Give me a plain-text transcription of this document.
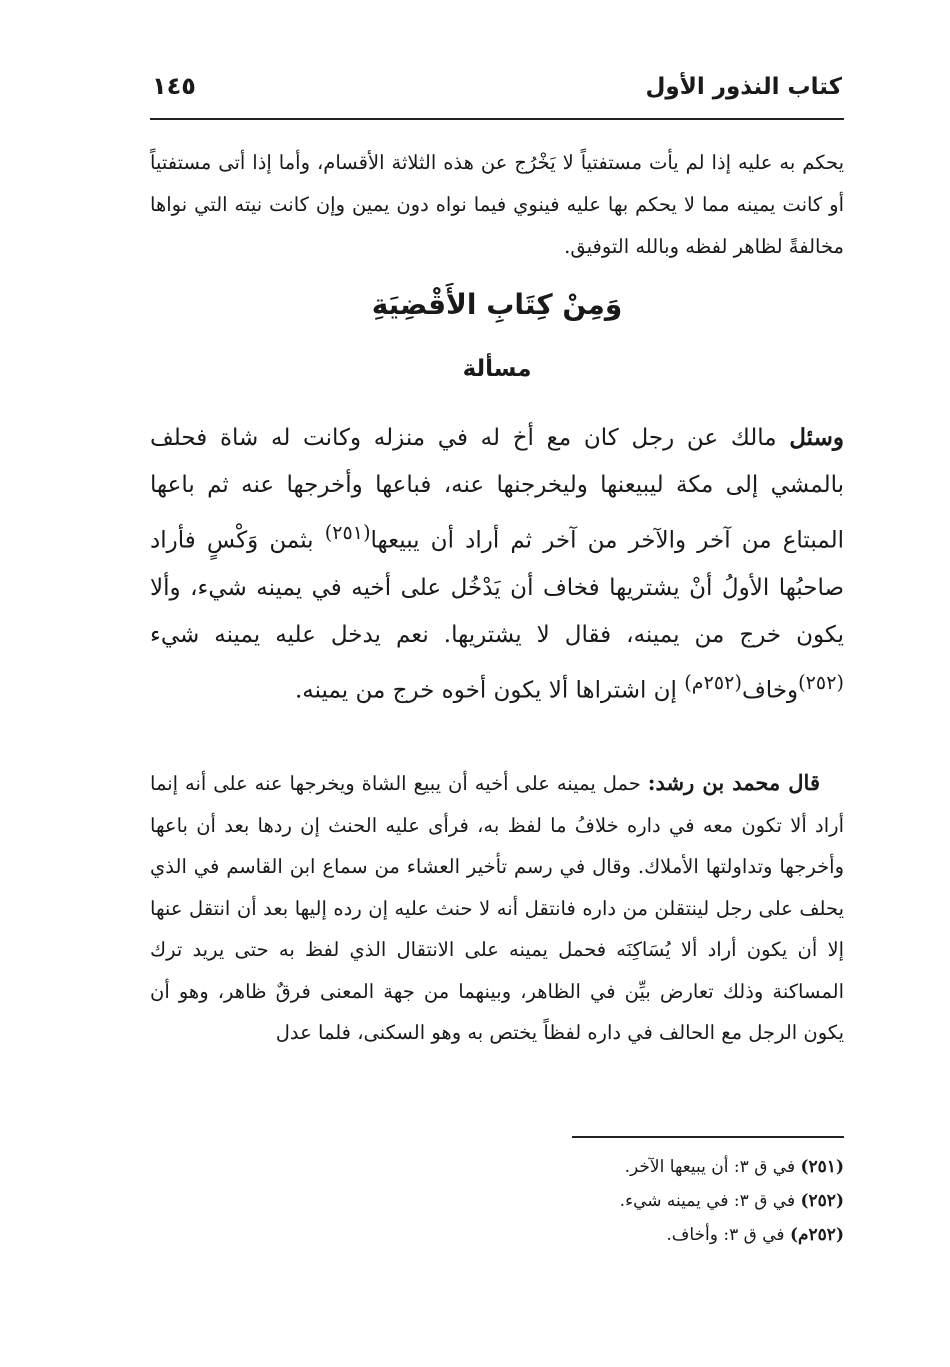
كتاب النذور الأول
١٤٥

يحكم به عليه إذا لم يأت مستفتياً لا يَخْرُج عن هذه الثلاثة الأقسام، وأما إذا أتى مستفتياً أو كانت يمينه مما لا يحكم بها عليه فينوي فيما نواه دون يمين وإن كانت نيته التي نواها مخالفةً لظاهر لفظه وبالله التوفيق.

وَمِنْ كِتَابِ الأَقْضِيَةِ
مسألة

وسئل مالك عن رجل كان مع أخ له في منزله وكانت له شاة فحلف بالمشي إلى مكة ليبيعنها وليخرجنها عنه، فباعها وأخرجها عنه ثم باعها المبتاع من آخر والآخر من آخر ثم أراد أن يبيعها$^{(٢٥١)}$ بثمن وَكْسٍ فأراد صاحبُها الأولُ أنْ يشتريها فخاف أن يَدْخُل على أخيه في يمينه شيء، وألا يكون خرج من يمينه، فقال لا يشتريها. نعم يدخل عليه يمينه شيء $^{(٢٥٢)}$وخاف$^{(٢٥٢م)}$ إن اشتراها ألا يكون أخوه خرج من يمينه.

قال محمد بن رشد: حمل يمينه على أخيه أن يبيع الشاة ويخرجها عنه على أنه إنما أراد ألا تكون معه في داره خلافُ ما لفظ به، فرأى عليه الحنث إن ردها بعد أن باعها وأخرجها وتداولتها الأملاك. وقال في رسم تأخير العشاء من سماع ابن القاسم في الذي يحلف على رجل لينتقلن من داره فانتقل أنه لا حنث عليه إن رده إليها بعد أن انتقل عنها إلا أن يكون أراد ألا يُسَاكِنَه فحمل يمينه على الانتقال الذي لفظ به حتى يريد ترك المساكنة وذلك تعارض بيِّن في الظاهر، وبينهما من جهة المعنى فرقٌ ظاهر، وهو أن يكون الرجل مع الحالف في داره لفظاً يختص به وهو السكنى، فلما عدل

(٢٥١) في ق ٣: أن يبيعها الآخر.
(٢٥٢) في ق ٣: في يمينه شيء.
(٢٥٢م) في ق ٣: وأخاف.
